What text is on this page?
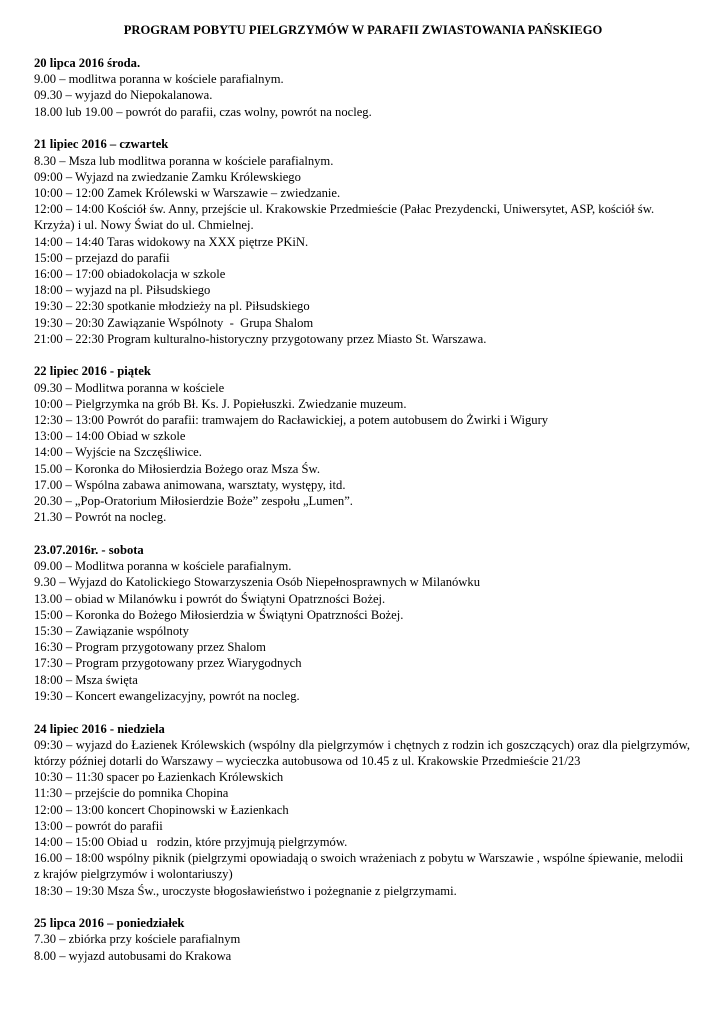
PROGRAM POBYTU PIELGRZYMÓW W PARAFII ZWIASTOWANIA PAŃSKIEGO
20 lipca 2016 środa.
9.00 – modlitwa poranna w kościele parafialnym.
09.30 – wyjazd do Niepokalanowa.
18.00 lub 19.00 – powrót do parafii, czas wolny, powrót na nocleg.
21 lipiec 2016 – czwartek
8.30 – Msza lub modlitwa poranna w kościele parafialnym.
09:00 – Wyjazd na zwiedzanie Zamku Królewskiego
10:00 – 12:00 Zamek Królewski w Warszawie – zwiedzanie.
12:00 – 14:00 Kościół św. Anny, przejście ul. Krakowskie Przedmieście (Pałac Prezydencki, Uniwersytet, ASP, kościół św. Krzyża) i ul. Nowy Świat do ul. Chmielnej.
14:00 – 14:40 Taras widokowy na XXX piętrze PKiN.
15:00 – przejazd do parafii
16:00 – 17:00 obiadokolacja w szkole
18:00 – wyjazd na pl. Piłsudskiego
19:30 – 22:30 spotkanie młodzieży na pl. Piłsudskiego
19:30 – 20:30 Zawiązanie Wspólnoty  -  Grupa Shalom
21:00 – 22:30 Program kulturalno-historyczny przygotowany przez Miasto St. Warszawa.
22 lipiec 2016 - piątek
09.30 – Modlitwa poranna w kościele
10:00 – Pielgrzymka na grób Bł. Ks. J. Popiełuszki. Zwiedzanie muzeum.
12:30 – 13:00 Powrót do parafii: tramwajem do Racławickiej, a potem autobusem do Żwirki i Wigury
13:00 – 14:00 Obiad w szkole
14:00 – Wyjście na Szczęśliwice.
15.00 – Koronka do Miłosierdzia Bożego oraz Msza Św.
17.00 – Wspólna zabawa animowana, warsztaty, występy, itd.
20.30 – „Pop-Oratorium Miłosierdzie Boże” zespołu „Lumen”.
21.30 – Powrót na nocleg.
23.07.2016r. - sobota
09.00 – Modlitwa poranna w kościele parafialnym.
9.30 – Wyjazd do Katolickiego Stowarzyszenia Osób Niepełnosprawnych w Milanówku
13.00 – obiad w Milanówku i powrót do Świątyni Opatrzności Bożej.
15:00 – Koronka do Bożego Miłosierdzia w Świątyni Opatrzności Bożej.
15:30 – Zawiązanie wspólnoty
16:30 – Program przygotowany przez Shalom
17:30 – Program przygotowany przez Wiarygodnych
18:00 – Msza święta
19:30 – Koncert ewangelizacyjny, powrót na nocleg.
24 lipiec 2016 - niedziela
09:30 – wyjazd do Łazienek Królewskich (wspólny dla pielgrzymów i chętnych z rodzin ich goszczących) oraz dla pielgrzymów, którzy później dotarli do Warszawy – wycieczka autobusowa od 10.45 z ul. Krakowskie Przedmieście 21/23
10:30 – 11:30 spacer po Łazienkach Królewskich
11:30 – przejście do pomnika Chopina
12:00 – 13:00 koncert Chopinowski w Łazienkach
13:00 – powrót do parafii
14:00 – 15:00 Obiad u   rodzin, które przyjmują pielgrzymów.
16.00 – 18:00 wspólny piknik (pielgrzymi opowiadają o swoich wrażeniach z pobytu w Warszawie , wspólne śpiewanie, melodii z krajów pielgrzymów i wolontariuszy)
18:30 – 19:30 Msza Św., uroczyste błogosławieństwo i pożegnanie z pielgrzymami.
25 lipca 2016 – poniedziałek
7.30 – zbiórka przy kościele parafialnym
8.00 – wyjazd autobusami do Krakowa
